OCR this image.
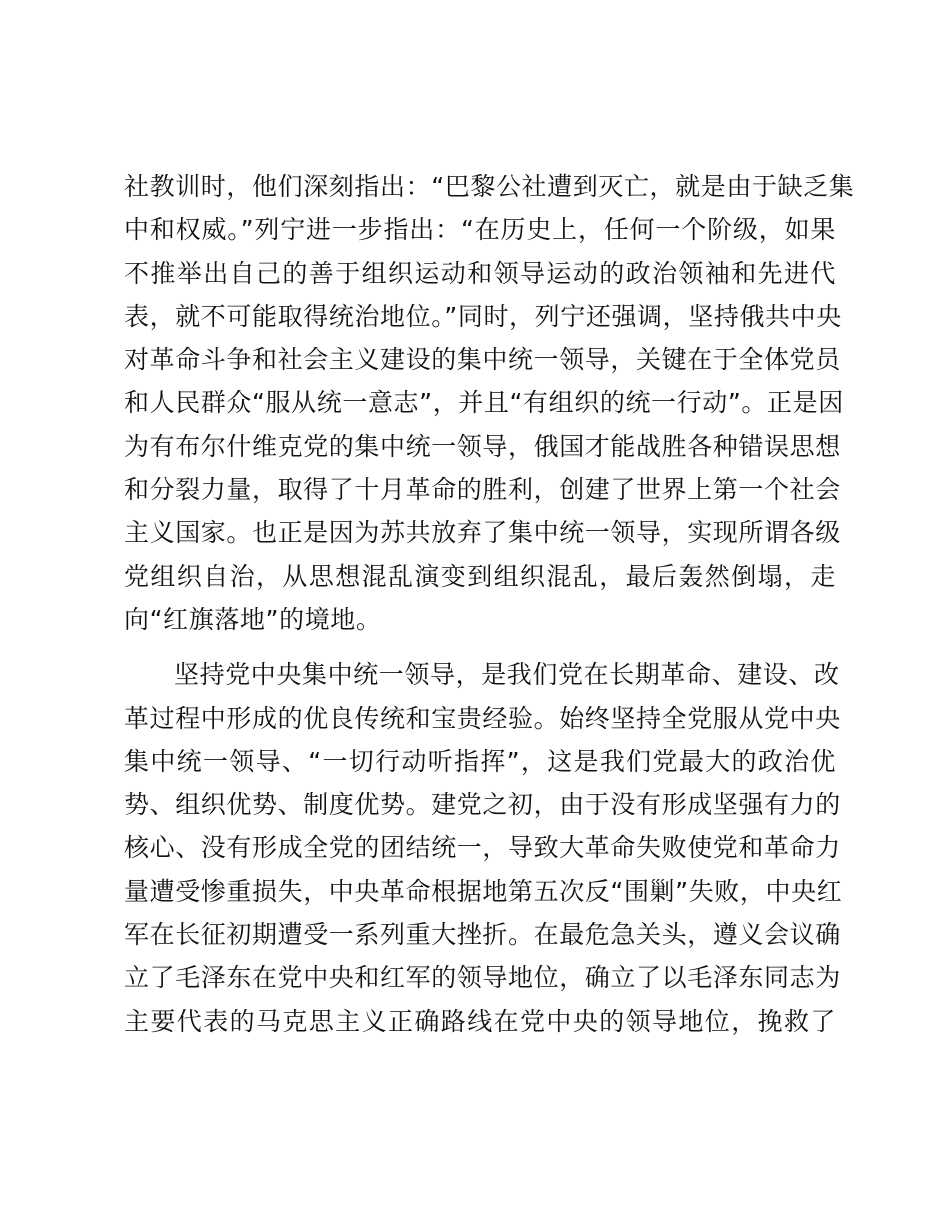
社教训时，他们深刻指出：“巴黎公社遭到灭亡，就是由于缺乏集
中和权威。”列宁进一步指出：“在历史上，任何一个阶级，如果
不推举出自己的善于组织运动和领导运动的政治领袖和先进代
表，就不可能取得统治地位。”同时，列宁还强调，坚持俄共中央
对革命斗争和社会主义建设的集中统一领导，关键在于全体党员
和人民群众“服从统一意志”，并且“有组织的统一行动”。正是因
为有布尔什维克党的集中统一领导，俄国才能战胜各种错误思想
和分裂力量，取得了十月革命的胜利，创建了世界上第一个社会
主义国家。也正是因为苏共放弃了集中统一领导，实现所谓各级
党组织自治，从思想混乱演变到组织混乱，最后轰然倒塌，走
向“红旗落地”的境地。
坚持党中央集中统一领导，是我们党在长期革命、建设、改
革过程中形成的优良传统和宝贵经验。始终坚持全党服从党中央
集中统一领导、“一切行动听指挥”，这是我们党最大的政治优
势、组织优势、制度优势。建党之初，由于没有形成坚强有力的
核心、没有形成全党的团结统一，导致大革命失败使党和革命力
量遭受惨重损失，中央革命根据地第五次反“围剿”失败，中央红
军在长征初期遭受一系列重大挫折。在最危急关头，遵义会议确
立了毛泽东在党中央和红军的领导地位，确立了以毛泽东同志为
主要代表的马克思主义正确路线在党中央的领导地位，挽救了
